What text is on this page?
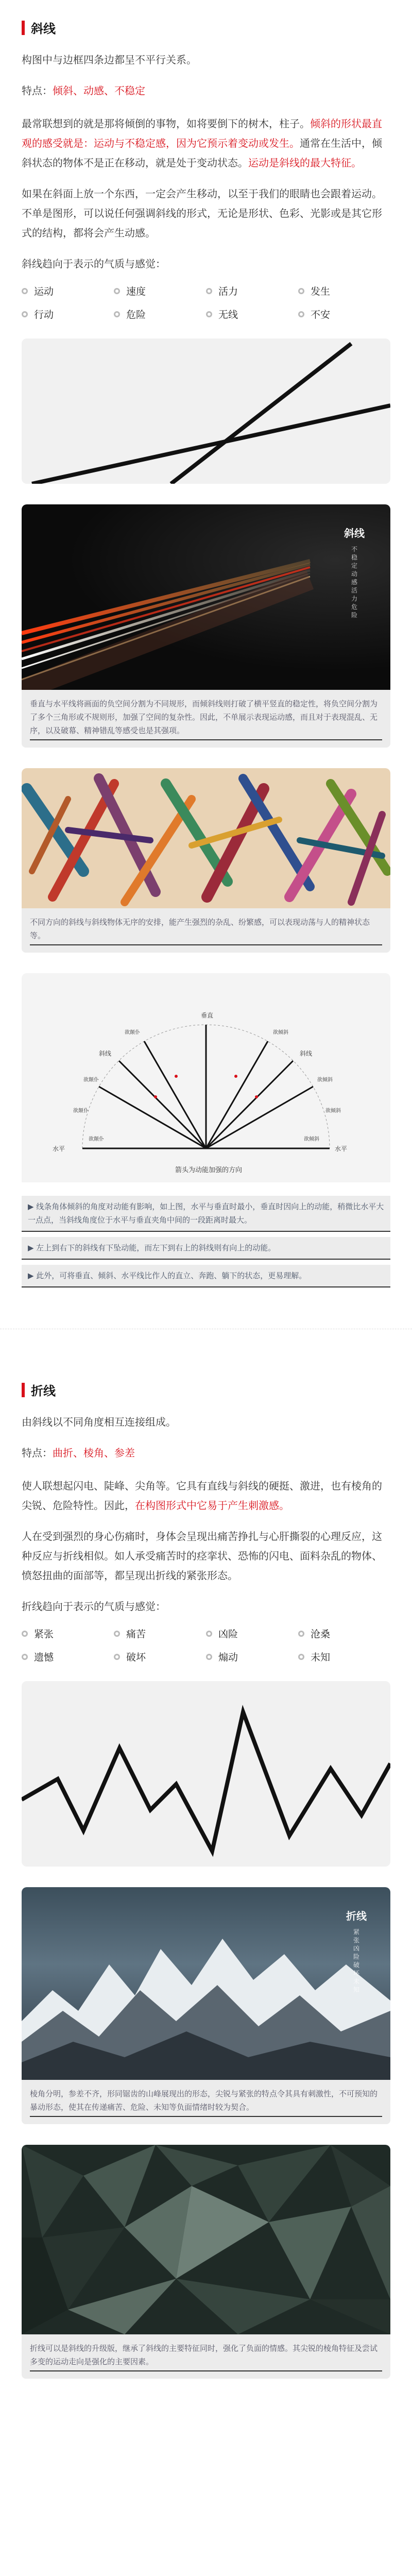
斜线

构图中与边框四条边都呈不平行关系。

特点：倾斜、动感、不稳定

最常联想到的就是那将倾倒的事物，如将要倒下的树木，柱子。倾斜的形状最直观的感受就是：运动与不稳定感，因为它预示着变动或发生。通常在生活中，倾斜状态的物体不是正在移动，就是处于变动状态。运动是斜线的最大特征。

如果在斜面上放一个东西，一定会产生移动，以至于我们的眼睛也会跟着运动。不单是图形，可以说任何强调斜线的形式，无论是形状、色彩、光影或是其它形式的结构，都将会产生动感。

斜线趋向于表示的气质与感觉：

运动	速度	活力	发生
行动	危险	无线	不安
斜线
不稳定 动感 活力 危险
垂直与水平线将画面的负空间分割为不同规形，而倾斜线则打破了横平竖直的稳定性，将负空间分割为了多个三角形或不规则形，加强了空间的复杂性。因此，不单展示表现运动感，而且对于表现混乱、无序，以及破幕、精神错乱等感受也是其强项。
不同方向的斜线与斜线物体无序的安排，能产生强烈的杂乱、纷繁感，可以表现动荡与人的精神状态等。
垂直
水平	水平
斜线	斜线
欲颠仆
欲颠仆
欲颠仆
欲颠仆
欲倾斜
欲倾斜
欲倾斜
欲倾斜
箭头为动能加强的方向
▶ 线条角体倾斜的角度对动能有影响，如上图，水平与垂直时最小，垂直时因向上的动能，稍微比水平大一点点，当斜线角度位于水平与垂直夹角中间的一段距离时最大。
▶ 左上到右下的斜线有下坠动能，而左下到右上的斜线则有向上的动能。
▶ 此外，可将垂直、倾斜、水平线比作人的直立、奔跑、躺下的状态，更易理解。
折线

由斜线以不同角度相互连接组成。

特点：曲折、棱角、参差

使人联想起闪电、陡峰、尖角等。它具有直线与斜线的硬挺、激进，也有棱角的尖锐、危险特性。因此，在构图形式中它易于产生刺激感。

人在受到强烈的身心伤痛时，身体会呈现出痛苦挣扎与心肝撕裂的心理反应，这种反应与折线相似。如人承受痛苦时的痉挛状、恐怖的闪电、面料杂乱的物体、愤怒扭曲的面部等，都呈现出折线的紧张形态。

折线趋向于表示的气质与感觉：

紧张	痛苦	凶险	沧桑
遗憾	破坏	煽动	未知
折线
紧张 凶险 破坏 未知
棱角分明，参差不齐，形同锯齿的山峰展现出的形态，尖锐与紧张的特点令其具有刺激性，不可预知的暴动形态，使其在传递痛苦、危险、未知等负面情绪时较为契合。
折线可以是斜线的升级版，继承了斜线的主要特征同时，强化了负面的情感。其尖锐的棱角特征及尝试多变的运动走向是强化的主要因素。
